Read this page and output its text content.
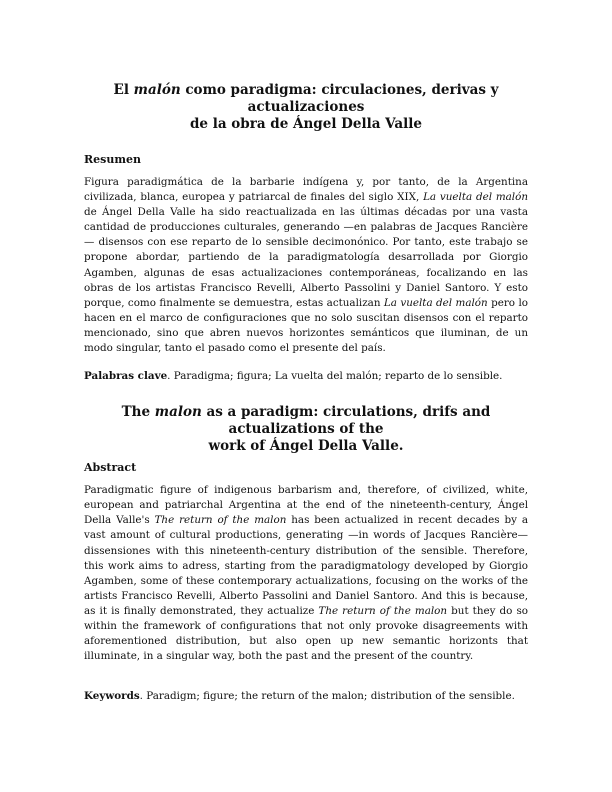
El malón como paradigma: circulaciones, derivas y actualizaciones
de la obra de Ángel Della Valle
Resumen

Figura paradigmática de la barbarie indígena y, por tanto, de la Argentina civilizada, blanca, europea y patriarcal de finales del siglo XIX, La vuelta del malón de Ángel Della Valle ha sido reactualizada en las últimas décadas por una vasta cantidad de producciones culturales, generando —en palabras de Jacques Rancière— disensos con ese reparto de lo sensible decimonónico. Por tanto, este trabajo se propone abordar, partiendo de la paradigmatología desarrollada por Giorgio Agamben, algunas de esas actualizaciones contemporáneas, focalizando en las obras de los artistas Francisco Revelli, Alberto Passolini y Daniel Santoro. Y esto porque, como finalmente se demuestra, estas actualizan La vuelta del malón pero lo hacen en el marco de configuraciones que no solo suscitan disensos con el reparto mencionado, sino que abren nuevos horizontes semánticos que iluminan, de un modo singular, tanto el pasado como el presente del país.

Palabras clave. Paradigma; figura; La vuelta del malón; reparto de lo sensible.

The malon as a paradigm: circulations, drifs and actualizations of the
work of Ángel Della Valle.
Abstract

Paradigmatic figure of indigenous barbarism and, therefore, of civilized, white, european and patriarchal Argentina at the end of the nineteenth-century, Ángel Della Valle's The return of the malon has been actualized in recent decades by a vast amount of cultural productions, generating —in words of Jacques Rancière— dissensiones with this nineteenth-century distribution of the sensible. Therefore, this work aims to adress, starting from the paradigmatology developed by Giorgio Agamben, some of these contemporary actualizations, focusing on the works of the artists Francisco Revelli, Alberto Passolini and Daniel Santoro. And this is because, as it is finally demonstrated, they actualize The return of the malon but they do so within the framework of configurations that not only provoke disagreements with aforementioned distribution, but also open up new semantic horizonts that illuminate, in a singular way, both the past and the present of the country.

Keywords. Paradigm; figure; the return of the malon; distribution of the sensible.
